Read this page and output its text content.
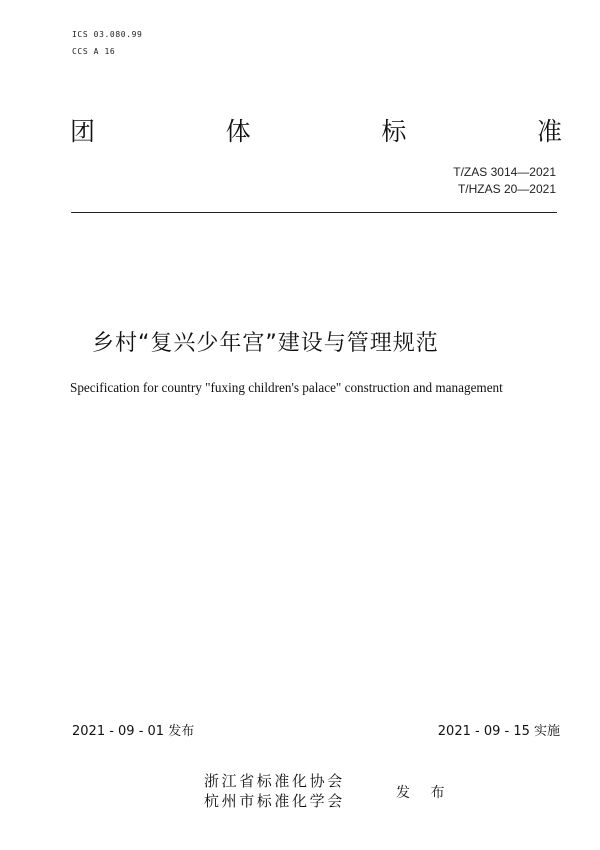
ICS 03.080.99
CCS A 16
团	体	标	准
T/ZAS 3014—2021
T/HZAS 20—2021
乡村“复兴少年宫”建设与管理规范
Specification for country "fuxing children's palace" construction and management
2021 - 09 - 01 发布	2021 - 09 - 15 实施
浙江省标准化协会
杭州市标准化学会	发 布
